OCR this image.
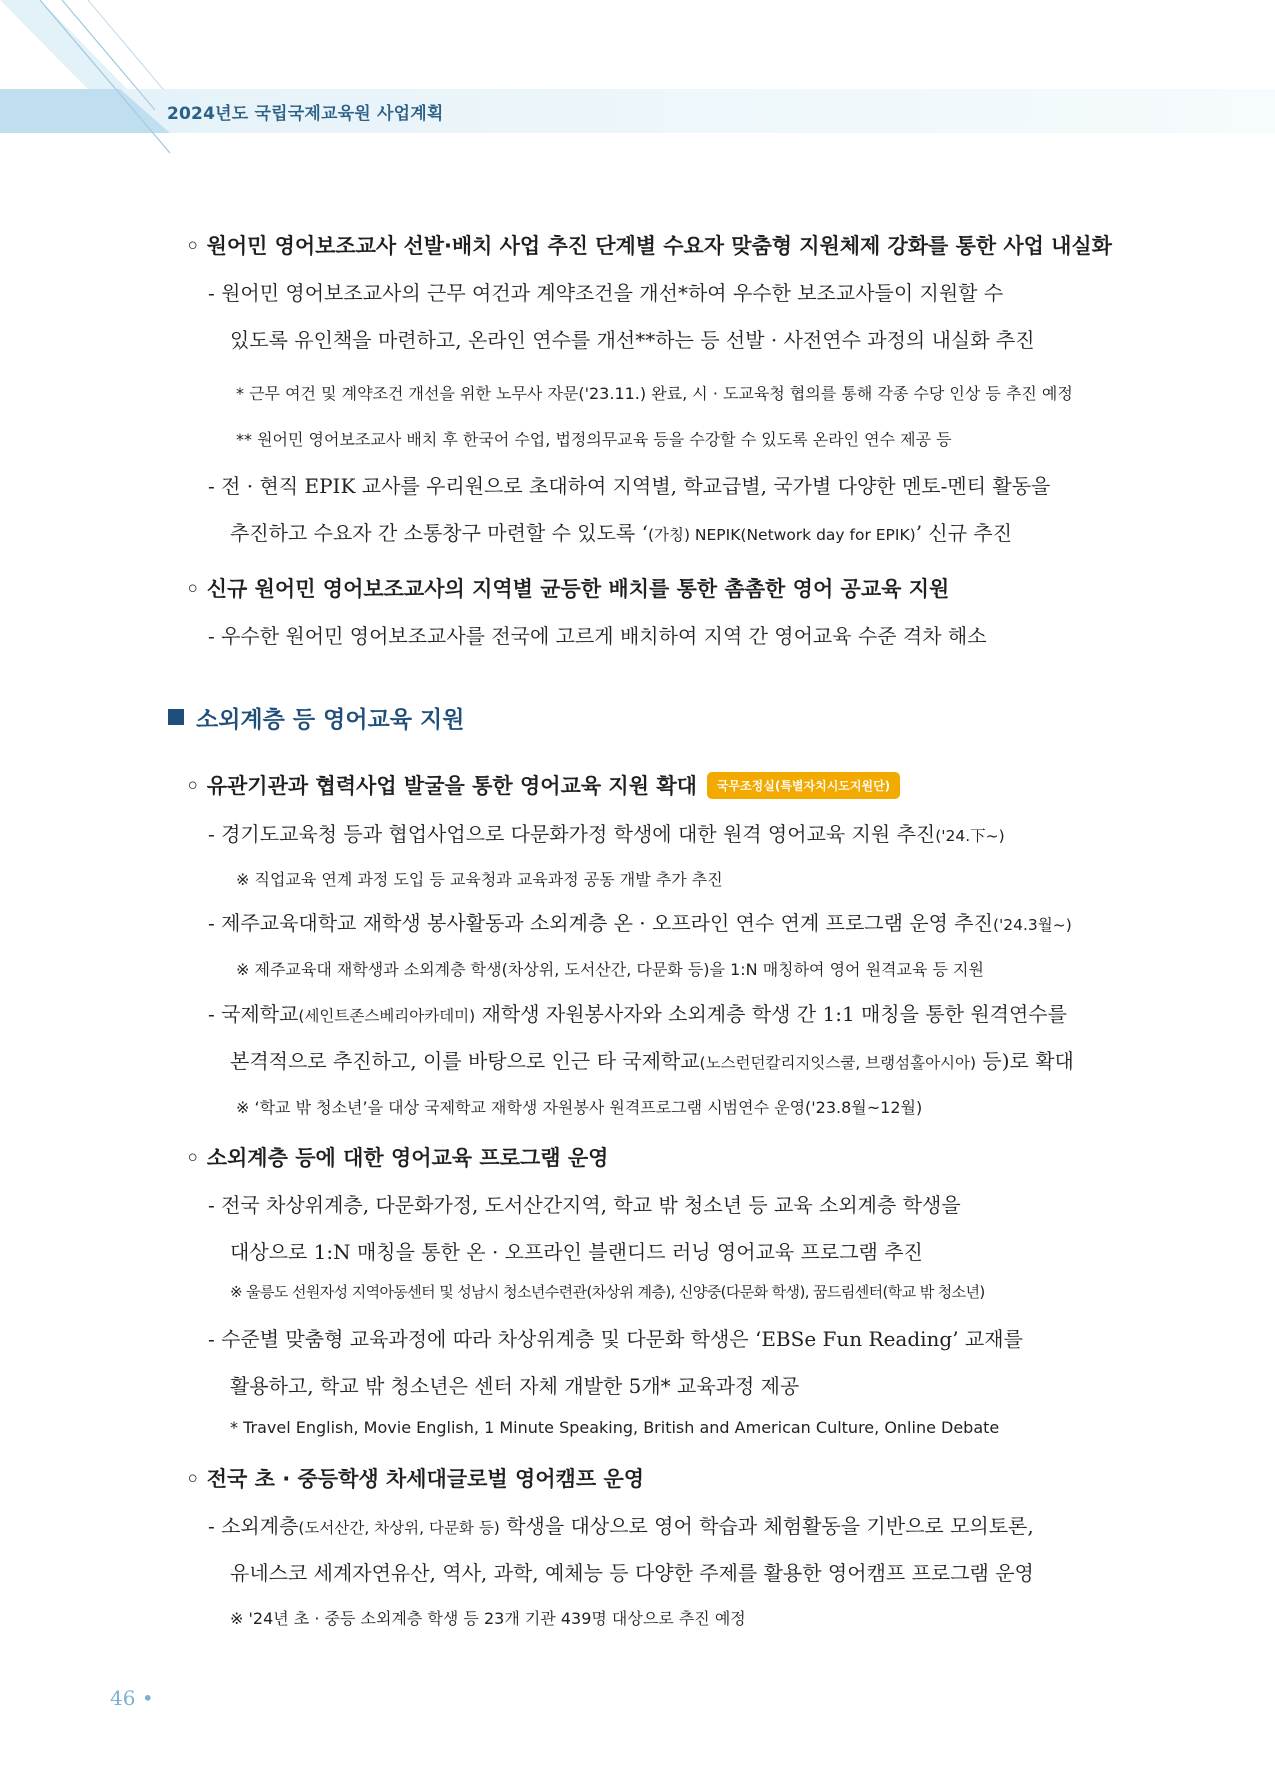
2024년도 국립국제교육원 사업계획
◦ 원어민 영어보조교사 선발·배치 사업 추진 단계별 수요자 맞춤형 지원체제 강화를 통한 사업 내실화
- 원어민 영어보조교사의 근무 여건과 계약조건을 개선*하여 우수한 보조교사들이 지원할 수
있도록 유인책을 마련하고, 온라인 연수를 개선**하는 등 선발 · 사전연수 과정의 내실화 추진
* 근무 여건 및 계약조건 개선을 위한 노무사 자문('23.11.) 완료, 시 · 도교육청 협의를 통해 각종 수당 인상 등 추진 예정
** 원어민 영어보조교사 배치 후 한국어 수업, 법정의무교육 등을 수강할 수 있도록 온라인 연수 제공 등
- 전 · 현직 EPIK 교사를 우리원으로 초대하여 지역별, 학교급별, 국가별 다양한 멘토-멘티 활동을
추진하고 수요자 간 소통창구 마련할 수 있도록 ‘(가칭) NEPIK(Network day for EPIK)’ 신규 추진
◦ 신규 원어민 영어보조교사의 지역별 균등한 배치를 통한 촘촘한 영어 공교육 지원
- 우수한 원어민 영어보조교사를 전국에 고르게 배치하여 지역 간 영어교육 수준 격차 해소
소외계층 등 영어교육 지원
◦ 유관기관과 협력사업 발굴을 통한 영어교육 지원 확대 국무조정실(특별자치시도지원단)
- 경기도교육청 등과 협업사업으로 다문화가정 학생에 대한 원격 영어교육 지원 추진('24.下~)
※ 직업교육 연계 과정 도입 등 교육청과 교육과정 공동 개발 추가 추진
- 제주교육대학교 재학생 봉사활동과 소외계층 온 · 오프라인 연수 연계 프로그램 운영 추진('24.3월~)
※ 제주교육대 재학생과 소외계층 학생(차상위, 도서산간, 다문화 등)을 1:N 매칭하여 영어 원격교육 등 지원
- 국제학교(세인트존스베리아카데미) 재학생 자원봉사자와 소외계층 학생 간 1:1 매칭을 통한 원격연수를
본격적으로 추진하고, 이를 바탕으로 인근 타 국제학교(노스런던칼리지잇스쿨, 브랭섬홀아시아) 등)로 확대
※ ‘학교 밖 청소년’을 대상 국제학교 재학생 자원봉사 원격프로그램 시범연수 운영('23.8월~12월)
◦ 소외계층 등에 대한 영어교육 프로그램 운영
- 전국 차상위계층, 다문화가정, 도서산간지역, 학교 밖 청소년 등 교육 소외계층 학생을
대상으로 1:N 매칭을 통한 온 · 오프라인 블랜디드 러닝 영어교육 프로그램 추진
※ 울릉도 선원자성 지역아동센터 및 성남시 청소년수련관(차상위 계층), 신양중(다문화 학생), 꿈드림센터(학교 밖 청소년)
- 수준별 맞춤형 교육과정에 따라 차상위계층 및 다문화 학생은 ‘EBSe Fun Reading’ 교재를
활용하고, 학교 밖 청소년은 센터 자체 개발한 5개* 교육과정 제공
* Travel English, Movie English, 1 Minute Speaking, British and American Culture, Online Debate
◦ 전국 초 · 중등학생 차세대글로벌 영어캠프 운영
- 소외계층(도서산간, 차상위, 다문화 등) 학생을 대상으로 영어 학습과 체험활동을 기반으로 모의토론,
유네스코 세계자연유산, 역사, 과학, 예체능 등 다양한 주제를 활용한 영어캠프 프로그램 운영
※ '24년 초 · 중등 소외계층 학생 등 23개 기관 439명 대상으로 추진 예정
46 •
